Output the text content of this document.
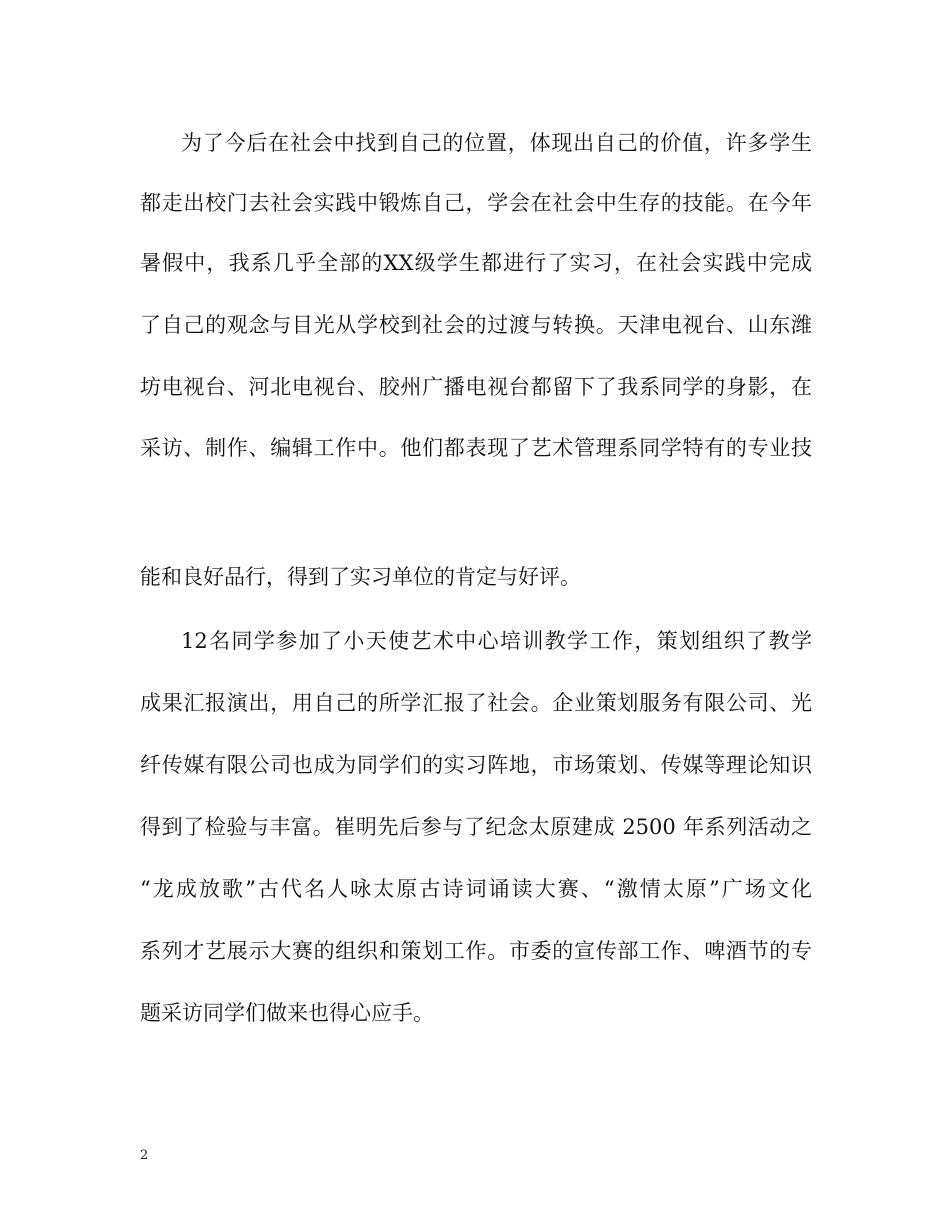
为了今后在社会中找到自己的位置，体现出自己的价值，许多学生
都走出校门去社会实践中锻炼自己，学会在社会中生存的技能。在今年
暑假中，我系几乎全部的XX级学生都进行了实习，在社会实践中完成
了自己的观念与目光从学校到社会的过渡与转换。天津电视台、山东潍
坊电视台、河北电视台、胶州广播电视台都留下了我系同学的身影，在
采访、制作、编辑工作中。他们都表现了艺术管理系同学特有的专业技
能和良好品行，得到了实习单位的肯定与好评。
12名同学参加了小天使艺术中心培训教学工作，策划组织了教学
成果汇报演出，用自己的所学汇报了社会。企业策划服务有限公司、光
纤传媒有限公司也成为同学们的实习阵地，市场策划、传媒等理论知识
得到了检验与丰富。崔明先后参与了纪念太原建成 2500 年系列活动之
“龙成放歌”古代名人咏太原古诗词诵读大赛、“激情太原”广场文化
系列才艺展示大赛的组织和策划工作。市委的宣传部工作、啤酒节的专
题采访同学们做来也得心应手。
2
